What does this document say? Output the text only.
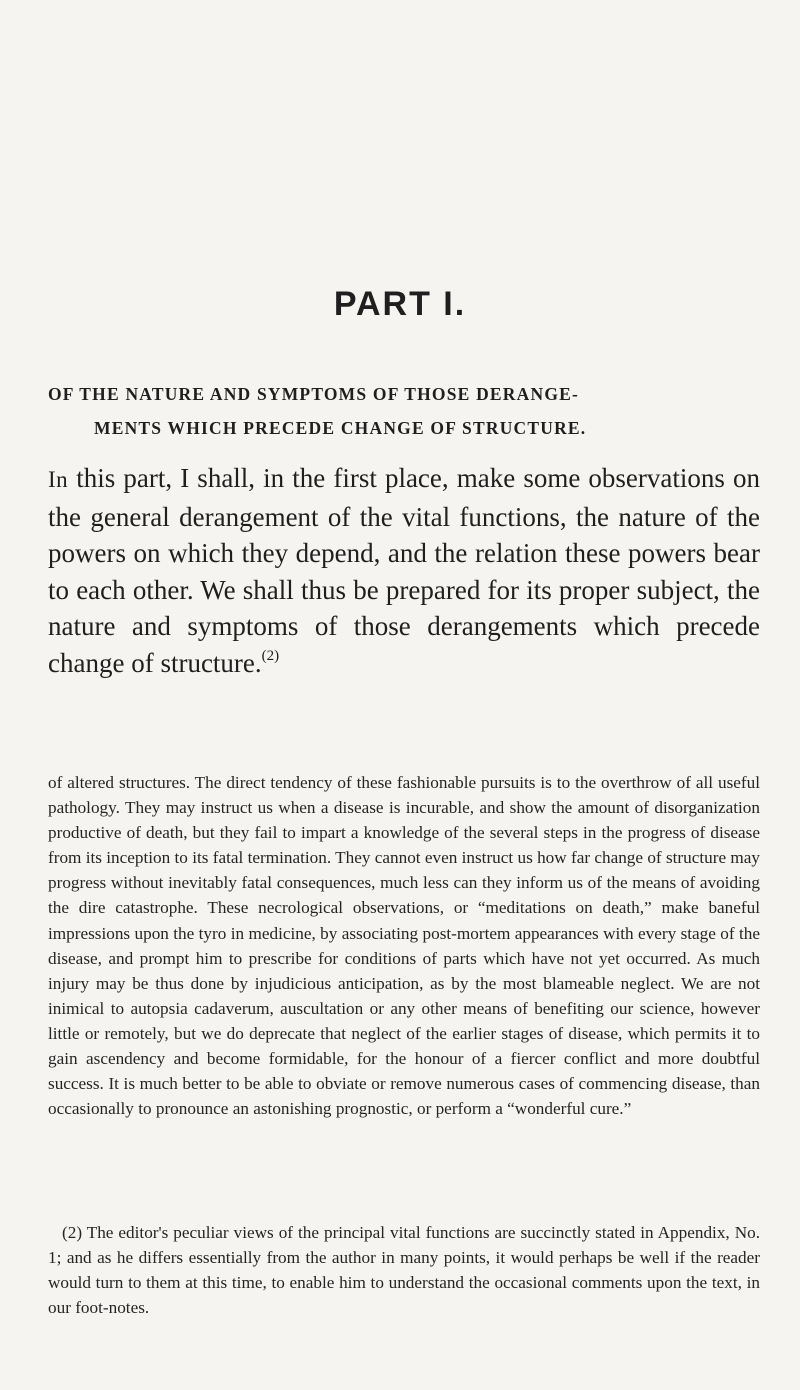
PART I.
OF THE NATURE AND SYMPTOMS OF THOSE DERANGE-
MENTS WHICH PRECEDE CHANGE OF STRUCTURE.

In this part, I shall, in the first place, make some observations on the general derangement of the vital functions, the nature of the powers on which they depend, and the relation these powers bear to each other. We shall thus be prepared for its proper subject, the nature and symptoms of those derangements which precede change of structure.$^{(2)}$

of altered structures. The direct tendency of these fashionable pursuits is to the overthrow of all useful pathology. They may instruct us when a disease is incurable, and show the amount of disorganization productive of death, but they fail to impart a knowledge of the several steps in the progress of disease from its inception to its fatal termination. They cannot even instruct us how far change of structure may progress without inevitably fatal consequences, much less can they inform us of the means of avoiding the dire catastrophe. These necrological observations, or “meditations on death,” make baneful impressions upon the tyro in medicine, by associating post-mortem appearances with every stage of the disease, and prompt him to prescribe for conditions of parts which have not yet occurred. As much injury may be thus done by injudicious anticipation, as by the most blameable neglect. We are not inimical to autopsia cadaverum, auscultation or any other means of benefiting our science, however little or remotely, but we do deprecate that neglect of the earlier stages of disease, which permits it to gain ascendency and become formidable, for the honour of a fiercer conflict and more doubtful success. It is much better to be able to obviate or remove numerous cases of commencing disease, than occasionally to pronounce an astonishing prognostic, or perform a “wonderful cure.”

(2) The editor's peculiar views of the principal vital functions are succinctly stated in Appendix, No. 1; and as he differs essentially from the author in many points, it would perhaps be well if the reader would turn to them at this time, to enable him to understand the occasional comments upon the text, in our foot-notes.
